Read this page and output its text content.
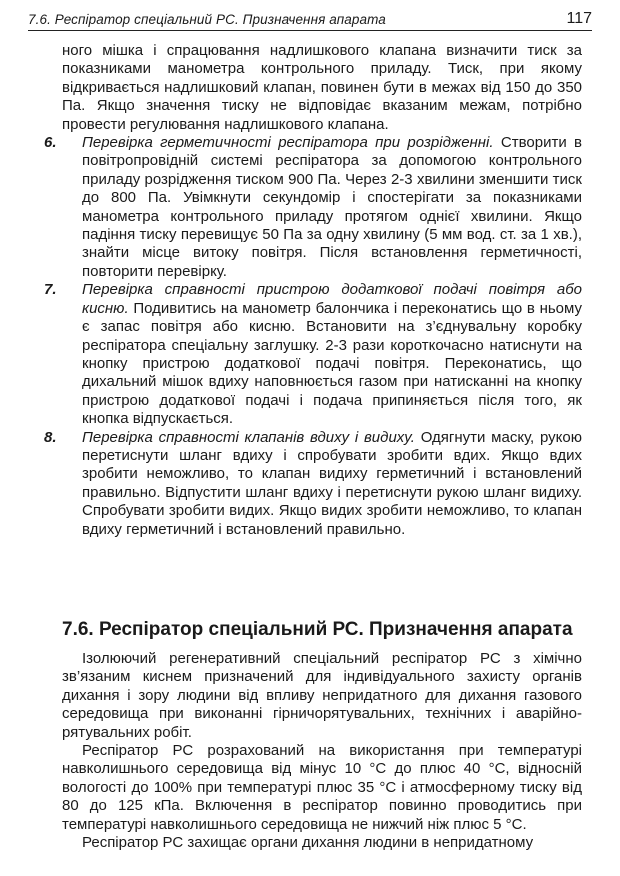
7.6. Респіратор спеціальний РС. Призначення апарата	117

ного мішка і спрацювання надлишкового клапана визначити тиск за показниками манометра контрольного приладу. Тиск, при якому відкривається надлишковий клапан, повинен бути в межах від 150 до 350 Па. Якщо значення тиску не відповідає вказаним межам, потрібно провести регулювання надлишкового клапана.

6. Перевірка герметичності респіратора при розрідженні. Створити в повітропровідній системі респіратора за допомогою контрольного приладу розрідження тиском 900 Па. Через 2-3 хвилини зменшити тиск до 800 Па. Увімкнути секундомір і спостерігати за показниками манометра контрольного приладу протягом однієї хвилини. Якщо падіння тиску перевищує 50 Па за одну хвилину (5 мм вод. ст. за 1 хв.), знайти місце витоку повітря. Після встановлення герметичності, повторити перевірку.

7. Перевірка справності пристрою додаткової подачі повітря або кисню. Подивитись на манометр балончика і переконатись що в ньому є запас повітря або кисню. Встановити на з’єднувальну коробку респіратора спеціальну заглушку. 2-3 рази короткочасно натиснути на кнопку пристрою додаткової подачі повітря. Переконатись, що дихальний мішок вдиху наповнюється газом при натисканні на кнопку пристрою додаткової подачі і подача припиняється після того, як кнопка відпускається.

8. Перевірка справності клапанів вдиху і видиху. Одягнути маску, рукою перетиснути шланг вдиху і спробувати зробити вдих. Якщо вдих зробити неможливо, то клапан видиху герметичний і встановлений правильно. Відпустити шланг вдиху і перетиснути рукою шланг видиху. Спробувати зробити видих. Якщо видих зробити неможливо, то клапан вдиху герметичний і встановлений правильно.

7.6. Респіратор спеціальний РС. Призначення апарата

Ізолюючий регенеративний спеціальний респіратор РС з хімічно зв’язаним киснем призначений для індивідуального захисту органів дихання і зору людини від впливу непридатного для дихання газового середовища при виконанні гірничорятувальних, технічних і аварійно-рятувальних робіт.

Респіратор РС розрахований на використання при температурі навколишнього середовища від мінус 10 °С до плюс 40 °С, відносній вологості до 100% при температурі плюс 35 °С і атмосферному тиску від 80 до 125 кПа. Включення в респіратор повинно проводитись при температурі навколишнього середовища не нижчий ніж плюс 5 °С.

Респіратор РС захищає органи дихання людини в непридатному
